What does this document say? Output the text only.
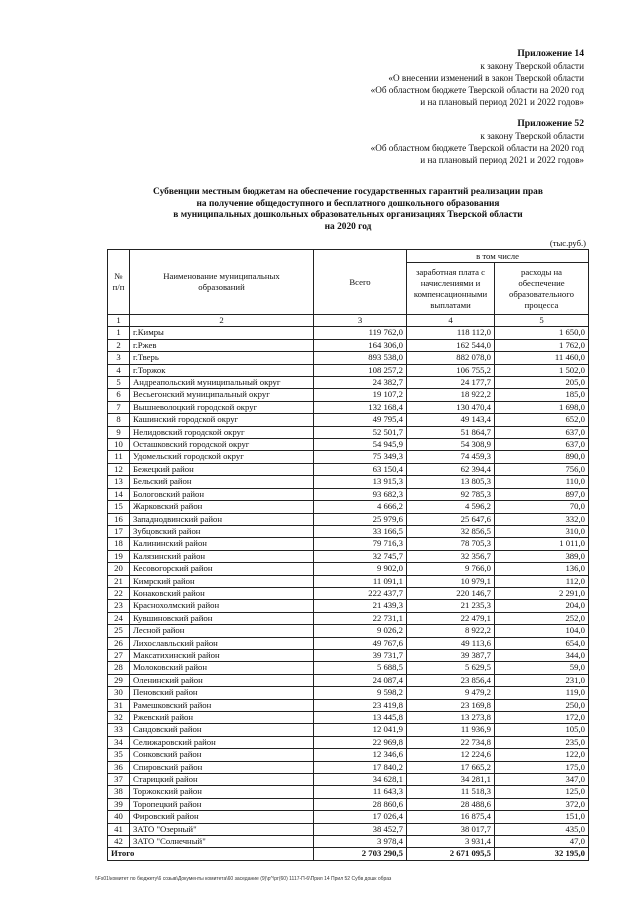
Приложение 14
к закону Тверской области
«О внесении изменений в закон Тверской области
«Об областном бюджете Тверской области на 2020 год
и на плановый период 2021 и 2022 годов»
Приложение 52
к закону Тверской области
«Об областном бюджете Тверской области на 2020 год
и на плановый период 2021 и 2022 годов»
Субвенции местным бюджетам на обеспечение государственных гарантий реализации прав
на получение общедоступного и бесплатного дошкольного образования
в муниципальных дошкольных образовательных организациях Тверской области
на 2020 год
(тыс.руб.)
№ п/п	Наименование муниципальных образований	Всего	в том числе	
			заработная плата с начислениями и компенсационными выплатами	расходы на обеспечение образовательного процесса
1	2	3	4	5
1	г.Кимры	119 762,0	118 112,0	1 650,0
2	г.Ржев	164 306,0	162 544,0	1 762,0
3	г.Тверь	893 538,0	882 078,0	11 460,0
4	г.Торжок	108 257,2	106 755,2	1 502,0
5	Андреапольский муниципальный округ	24 382,7	24 177,7	205,0
6	Весьегонский муниципальный округ	19 107,2	18 922,2	185,0
7	Вышневолоцкий городской округ	132 168,4	130 470,4	1 698,0
8	Кашинский городской округ	49 795,4	49 143,4	652,0
9	Нелидовский городской округ	52 501,7	51 864,7	637,0
10	Осташковский городской округ	54 945,9	54 308,9	637,0
11	Удомельский городской округ	75 349,3	74 459,3	890,0
12	Бежецкий район	63 150,4	62 394,4	756,0
13	Бельский район	13 915,3	13 805,3	110,0
14	Бологовский район	93 682,3	92 785,3	897,0
15	Жарковский район	4 666,2	4 596,2	70,0
16	Западнодвинский район	25 979,6	25 647,6	332,0
17	Зубцовский район	33 166,5	32 856,5	310,0
18	Калининский район	79 716,3	78 705,3	1 011,0
19	Калязинский район	32 745,7	32 356,7	389,0
20	Кесовогорский район	9 902,0	9 766,0	136,0
21	Кимрский район	11 091,1	10 979,1	112,0
22	Конаковский район	222 437,7	220 146,7	2 291,0
23	Краснохолмский район	21 439,3	21 235,3	204,0
24	Кувшиновский район	22 731,1	22 479,1	252,0
25	Лесной район	9 026,2	8 922,2	104,0
26	Лихославльский район	49 767,6	49 113,6	654,0
27	Максатихинский район	39 731,7	39 387,7	344,0
28	Молоковский район	5 688,5	5 629,5	59,0
29	Оленинский район	24 087,4	23 856,4	231,0
30	Пеновский район	9 598,2	9 479,2	119,0
31	Рамешковский район	23 419,8	23 169,8	250,0
32	Ржевский район	13 445,8	13 273,8	172,0
33	Сандовский район	12 041,9	11 936,9	105,0
34	Селижаровский район	22 969,8	22 734,8	235,0
35	Сонковский район	12 346,6	12 224,6	122,0
36	Спировский район	17 840,2	17 665,2	175,0
37	Старицкий район	34 628,1	34 281,1	347,0
38	Торжокский район	11 643,3	11 518,3	125,0
39	Торопецкий район	28 860,6	28 488,6	372,0
40	Фировский район	17 026,4	16 875,4	151,0
41	ЗАТО "Озерный"	38 452,7	38 017,7	435,0
42	ЗАТО "Солнечный"	3 978,4	3 931,4	47,0
Итого		2 703 290,5	2 671 095,5	32 195,0
\\Fs01\комитет по бюджету\6 созыв\Документы комитета\60 заседание (9)\р^\рг(60) 1117-П-6\Прил 14 Прил 52 Субв дошк образ
